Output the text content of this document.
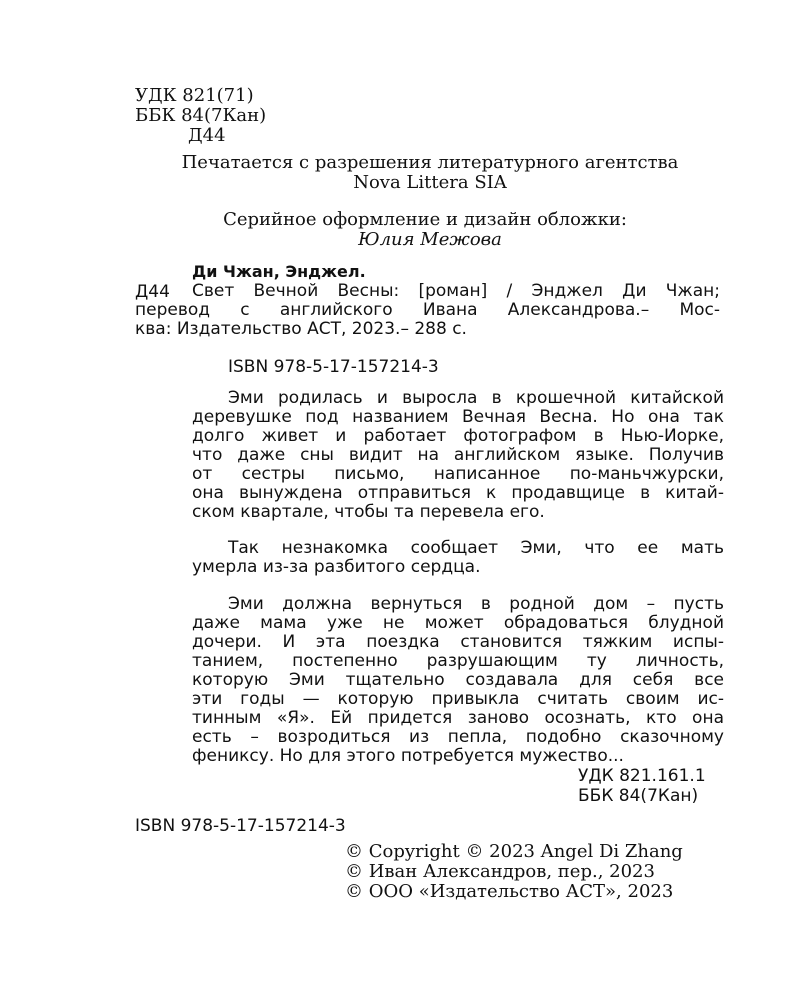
УДК 821(71)
ББК 84(7Кан)
Д44
Печатается с разрешения литературного агентства
Nova Littera SIA
Серийное оформление и дизайн обложки:
Юлия Межова
Ди Чжан, Энджел.
Д44 Свет Вечной Весны: [роман] / Энджел Ди Чжан;
перевод с английского Ивана Александрова.– Мос-
ква: Издательство АСТ, 2023.– 288 с.
ISBN 978-5-17-157214-3
Эми родилась и выросла в крошечной китайской
деревушке под названием Вечная Весна. Но она так
долго живет и работает фотографом в Нью-Йорке,
что даже сны видит на английском языке. Получив
от сестры письмо, написанное по-маньчжурски,
она вынуждена отправиться к продавщице в китай-
ском квартале, чтобы та перевела его.
Так незнакомка сообщает Эми, что ее мать
умерла из-за разбитого сердца.
Эми должна вернуться в родной дом – пусть
даже мама уже не может обрадоваться блудной
дочери. И эта поездка становится тяжким испы-
танием, постепенно разрушающим ту личность,
которую Эми тщательно создавала для себя все
эти годы — которую привыкла считать своим ис-
тинным «Я». Ей придется заново осознать, кто она
есть – возродиться из пепла, подобно сказочному
фениксу. Но для этого потребуется мужество...
УДК 821.161.1
ББК 84(7Кан)
ISBN 978-5-17-157214-3
© Copyright © 2023 Angel Di Zhang
© Иван Александров, пер., 2023
© ООО «Издательство АСТ», 2023
